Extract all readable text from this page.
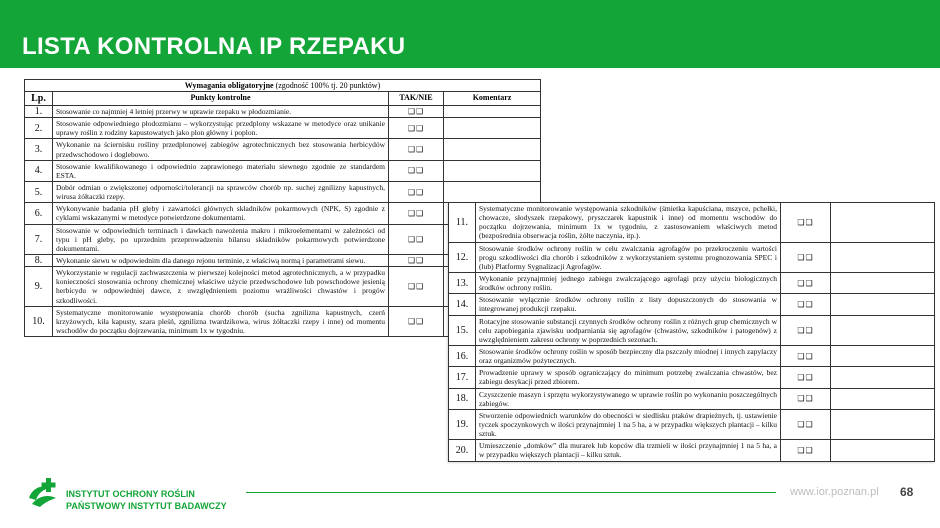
LISTA KONTROLNA IP RZEPAKU
Wymagania obligatoryjne (zgodność 100% tj. 20 punktów)			
Lp.	Punkty kontrolne	TAK/NIE	Komentarz
1.	Stosowanie co najmniej 4 letniej przerwy w uprawie rzepaku w płodozmianie.	❑❑	
2.	Stosowanie odpowiedniego płodozmianu – wykorzystując przedplony wskazane w metodyce oraz unikanie uprawy roślin z rodziny kapustowatych jako plon główny i poplon.	❑❑	
3.	Wykonanie na ściernisku rośliny przedplonowej zabiegów agrotechnicznych bez stosowania herbicydów przedwschodowo i doglebowo.	❑❑	
4.	Stosowanie kwalifikowanego i odpowiednio zaprawionego materiału siewnego zgodnie ze standardem ESTA.	❑❑	
5.	Dobór odmian o zwiększonej odporności/tolerancji na sprawców chorób np. suchej zgnilizny kapustnych, wirusa żółtaczki rzepy.	❑❑	
6.	Wykonywanie badania pH gleby i zawartości głównych składników pokarmowych (NPK, S) zgodnie z cyklami wskazanymi w metodyce potwierdzone dokumentami.	❑❑	
7.	Stosowanie w odpowiednich terminach i dawkach nawożenia makro i mikroelementami w zależności od typu i pH gleby, po uprzednim przeprowadzeniu bilansu składników pokarmowych potwierdzone dokumentami.	❑❑	
8.	Wykonanie siewu w odpowiednim dla danego rejonu terminie, z właściwą normą i parametrami siewu.	❑❑	
9.	Wykorzystanie w regulacji zachwaszczenia w pierwszej kolejności metod agrotechnicznych, a w przypadku konieczności stosowania ochrony chemicznej właściwe użycie przedwschodowe lub powschodowe jesienią herbicydu w odpowiedniej dawce, z uwzględnieniem poziomu wrażliwości chwastów i progów szkodliwości.	❑❑	
10.	Systematyczne monitorowanie występowania chorób chorób (sucha zgnilizna kapustnych, czerń krzyżowych, kiła kapusty, szara pleśń, zgnilizna twardzikowa, wirus żółtaczki rzepy i inne) od momentu wschodów do początku dojrzewania, minimum 1x w tygodniu.	❑❑	
11.	Systematyczne monitorowanie występowania szkodników (śmietka kapuściana, mszyce, pchełki, chowacze, słodyszek rzepakowy, pryszczarek kapustnik i inne) od momentu wschodów do początku dojrzewania, minimum 1x w tygodniu, z zastosowaniem właściwych metod (bezpośrednia obserwacja roślin, żółte naczynia, itp.).	❑❑	
12.	Stosowanie środków ochrony roślin w celu zwalczania agrofagów po przekroczeniu wartości progu szkodliwości dla chorób i szkodników z wykorzystaniem systemu prognozowania SPEC i (lub) Platformy Sygnalizacji Agrofagów.	❑❑	
13.	Wykonanie przynajmniej jednego zabiegu zwalczającego agrofagi przy użyciu biologicznych środków ochrony roślin.	❑❑	
14.	Stosowanie wyłącznie środków ochrony roślin z listy dopuszczonych do stosowania w integrowanej produkcji rzepaku.	❑❑	
15.	Rotacyjne stosowanie substancji czynnych środków ochrony roślin z różnych grup chemicznych w celu zapobiegania zjawisku uodparniania się agrofagów (chwastów, szkodników i patogenów) z uwzględnieniem zakresu ochrony w poprzednich sezonach.	❑❑	
16.	Stosowanie środków ochrony roślin w sposób bezpieczny dla pszczoły miodnej i innych zapylaczy oraz organizmów pożytecznych.	❑❑	
17.	Prowadzenie uprawy w sposób ograniczający do minimum potrzebę zwalczania chwastów, bez zabiegu desykacji przed zbiorem.	❑❑	
18.	Czyszczenie maszyn i sprzętu wykorzystywanego w uprawie roślin po wykonaniu poszczególnych zabiegów.	❑❑	
19.	Stworzenie odpowiednich warunków do obecności w siedlisku ptaków drapieżnych, tj. ustawienie tyczek spoczynkowych w ilości przynajmniej 1 na 5 ha, a w przypadku większych plantacji – kilku sztuk.	❑❑	
20.	Umieszczenie „domków” dla murarek lub kopców dla trzmieli w ilości przynajmniej 1 na 5 ha, a w przypadku większych plantacji – kilku sztuk.	❑❑	
INSTYTUT OCHRONY ROŚLIN
PAŃSTWOWY INSTYTUT BADAWCZY
www.ior.poznan.pl 68
